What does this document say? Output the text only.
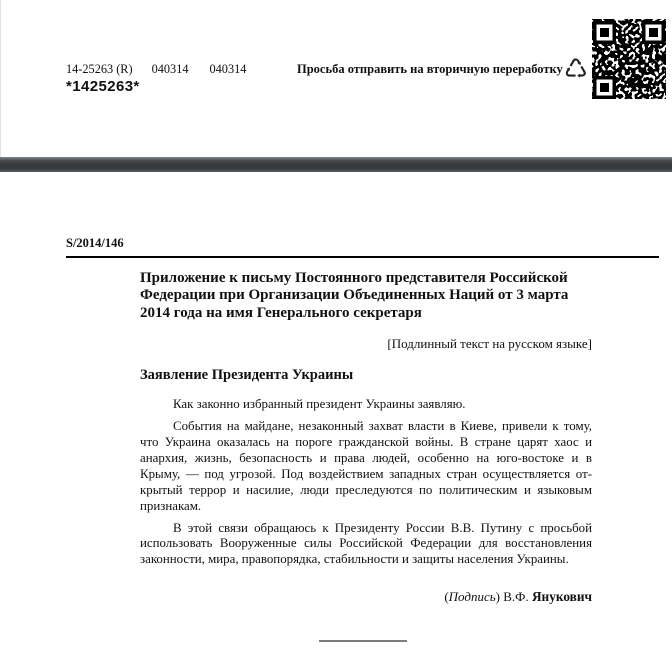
14-25263 (R) 040314 040314
*1425263*
Просьба отправить на вторичную переработку ♺
S/2014/146
Приложение к письму Постоянного представителя Российской
Федерации при Организации Объединенных Наций от 3 марта
2014 года на имя Генерального секретаря
[Подлинный текст на русском языке]
Заявление Президента Украины
Как законно избранный президент Украины заявляю.
События на майдане, незаконный захват власти в Киеве, привели к тому,
что Украина оказалась на пороге гражданской войны. В стране царят хаос и
анархия, жизнь, безопасность и права людей, особенно на юго-востоке и в
Крыму, — под угрозой. Под воздействием западных стран осуществляется от-
крытый террор и насилие, люди преследуются по политическим и языковым
признакам.
В этой связи обращаюсь к Президенту России В.В. Путину с просьбой
использовать Вооруженные силы Российской Федерации для восстановления
законности, мира, правопорядка, стабильности и защиты населения Украины.
(Подпись) В.Ф. Янукович
